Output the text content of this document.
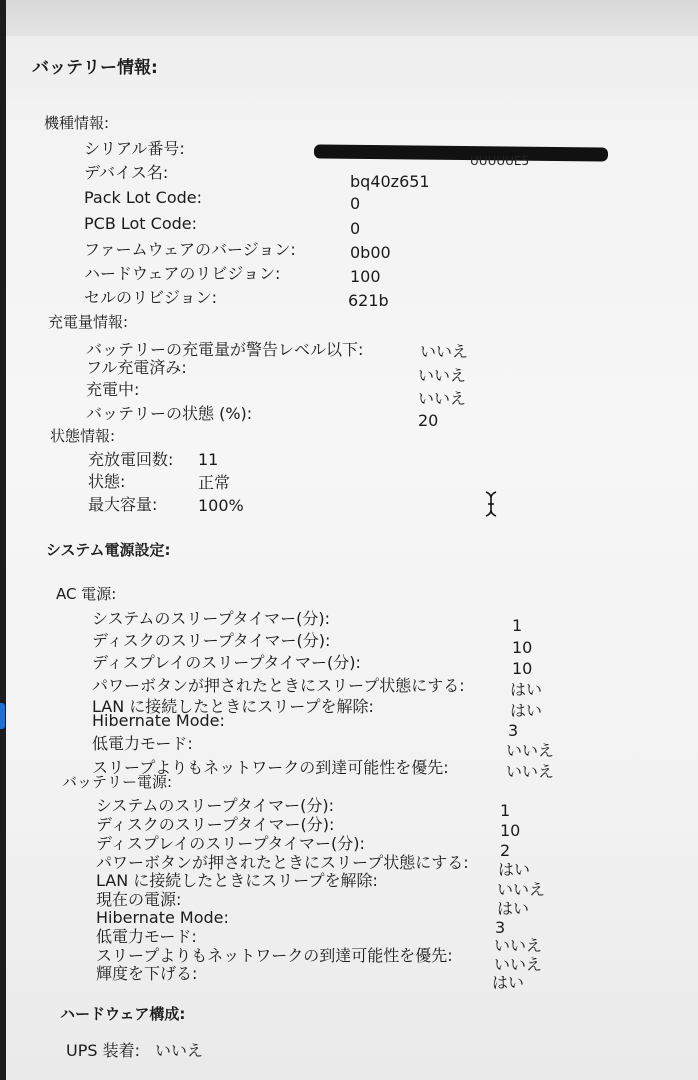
バッテリー情報:
機種情報:
シリアル番号:
UUUUUE5
デバイス名:	bq40z651
Pack Lot Code:	0
PCB Lot Code:	0
ファームウェアのバージョン:	0b00
ハードウェアのリビジョン:	100
セルのリビジョン:	621b
充電量情報:
バッテリーの充電量が警告レベル以下:	いいえ
フル充電済み:	いいえ
充電中:	いいえ
バッテリーの状態 (%):	20
状態情報:
充放電回数: 11
状態:	正常
最大容量:	100%
システム電源設定:
AC 電源:
システムのスリープタイマー(分):	1
ディスクのスリープタイマー(分):	10
ディスプレイのスリープタイマー(分):	10
パワーボタンが押されたときにスリープ状態にする:	はい
LAN に接続したときにスリープを解除:	はい
Hibernate Mode:
3
低電力モード:	いいえ
スリープよりもネットワークの到達可能性を優先:	いいえ
バッテリー電源:
システムのスリープタイマー(分):	1
ディスクのスリープタイマー(分):	10
ディスプレイのスリープタイマー(分):	2
パワーボタンが押されたときにスリープ状態にする: はい
LAN に接続したときにスリープを解除:	いいえ
現在の電源:	はい
Hibernate Mode:
3
低電力モード:	いいえ
スリープよりもネットワークの到達可能性を優先:	いいえ
輝度を下げる:	はい
ハードウェア構成:
UPS 装着: いいえ
